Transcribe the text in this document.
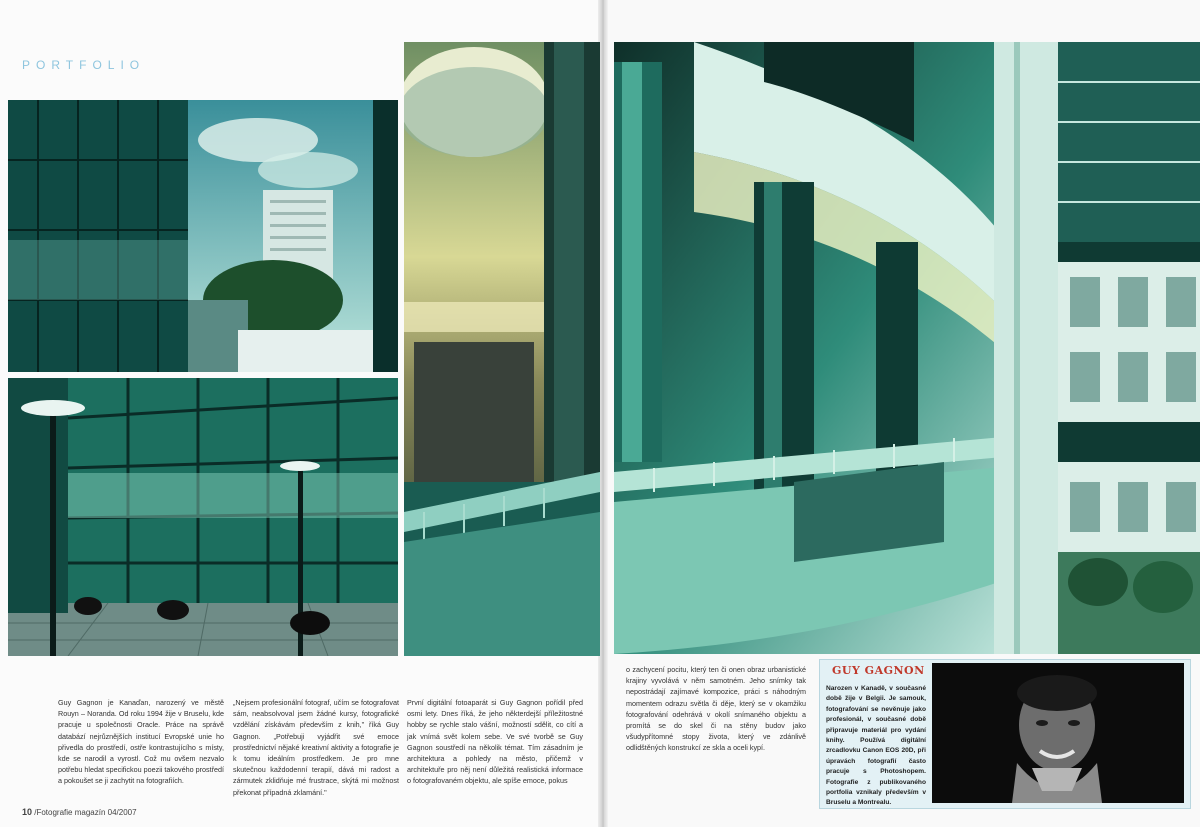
PORTFOLIO
Guy Gagnon je Kanaďan, narozený ve městě Rouyn – Noranda. Od roku 1994 žije v Bruselu, kde pracuje u společnosti Oracle. Práce na správě databází nejrůznějších institucí Evropské unie ho přivedla do prostředí, ostře kontrastujícího s místy, kde se narodil a vyrostl. Což mu ovšem nezvalo potřebu hledat specifickou poezii takového prostředí a pokoušet se ji zachytit na fotografiích.
„Nejsem profesionální fotograf, učím se fotografovat sám, neabsolvoval jsem žádné kursy, fotografické vzdělání získávám především z knih," říká Guy Gagnon. „Potřebuji vyjádřit své emoce prostřednictví nějaké kreativní aktivity a fotografie je k tomu ideálním prostředkem. Je pro mne skutečnou každodenní terapií, dává mi radost a zármutek zklidňuje mé frustrace, skýtá mi možnost překonat případná zklamání."
První digitální fotoaparát si Guy Gagnon pořídil před osmi lety. Dnes říká, že jeho některdejší příležitostné hobby se rychle stalo vášní, možností sdělit, co cítí a jak vnímá svět kolem sebe. Ve své tvorbě se Guy Gagnon soustředí na několik témat. Tím zásadním je architektura a pohledy na město, přičemž v architektuře pro něj není důležitá realistická informace o fotografovaném objektu, ale spíše emoce, pokus
o zachycení pocitu, který ten či onen obraz urbanistické krajiny vyvolává v něm samotném. Jeho snímky tak nepostrádají zajímavé kompozice, práci s náhodným momentem odrazu světla či děje, který se v okamžiku fotografování odehrává v okolí snímaného objektu a promítá se do skel či na stěny budov jako všudypřítomné stopy života, který ve zdánlivě odlidštěných konstrukcí ze skla a oceli kypí.
GUY GAGNON
Narozen v Kanadě, v současné době žije v Belgii. Je samouk, fotografování se nevěnuje jako profesionál, v současné době připravuje materiál pro vydání knihy. Používá digitální zrcadlovku Canon EOS 20D, při úpravách fotografií často pracuje s Photoshopem. Fotografie z publikovaného portfolia vznikaly především v Bruselu a Montrealu.
10 /Fotografie magazín 04/2007
